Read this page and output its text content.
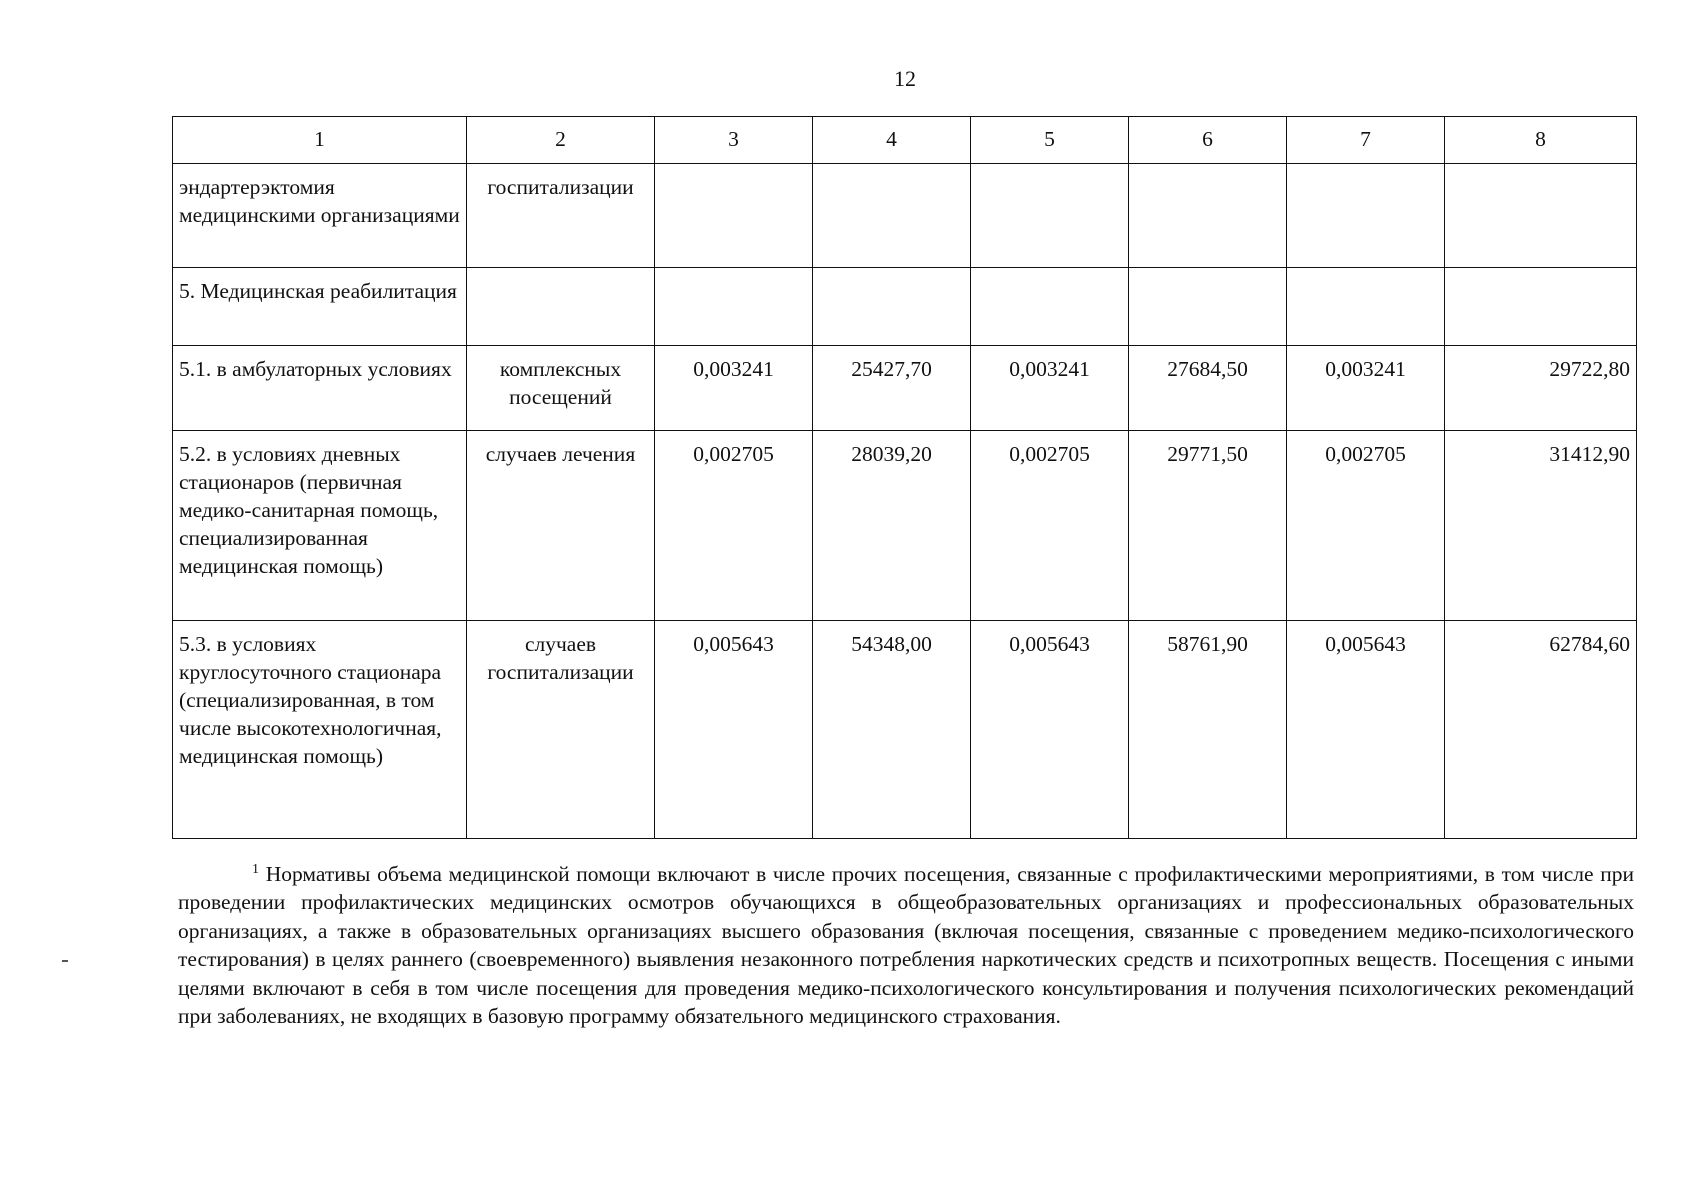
12
1	2	3	4	5	6	7	8
эндартерэктомия медицинскими организациями	госпитализации						
5. Медицинская реабилитация							
5.1. в амбулаторных условиях	комплексных посещений	0,003241	25427,70	0,003241	27684,50	0,003241	29722,80
5.2. в условиях дневных стационаров (первичная медико-санитарная помощь, специализированная медицинская помощь)	случаев лечения	0,002705	28039,20	0,002705	29771,50	0,002705	31412,90
5.3. в условиях круглосуточного стационара (специализированная, в том числе высокотехнологичная, медицинская помощь)	случаев госпитализации	0,005643	54348,00	0,005643	58761,90	0,005643	62784,60
$^1$ Нормативы объема медицинской помощи включают в числе прочих посещения, связанные с профилактическими мероприятиями, в том числе при проведении профилактических медицинских осмотров обучающихся в общеобразовательных организациях и профессиональных образовательных организациях, а также в образовательных организациях высшего образования (включая посещения, связанные с проведением медико-психологического тестирования) в целях раннего (своевременного) выявления незаконного потребления наркотических средств и психотропных веществ. Посещения с иными целями включают в себя в том числе посещения для проведения медико-психологического консультирования и получения психологических рекомендаций при заболеваниях, не входящих в базовую программу обязательного медицинского страхования.
